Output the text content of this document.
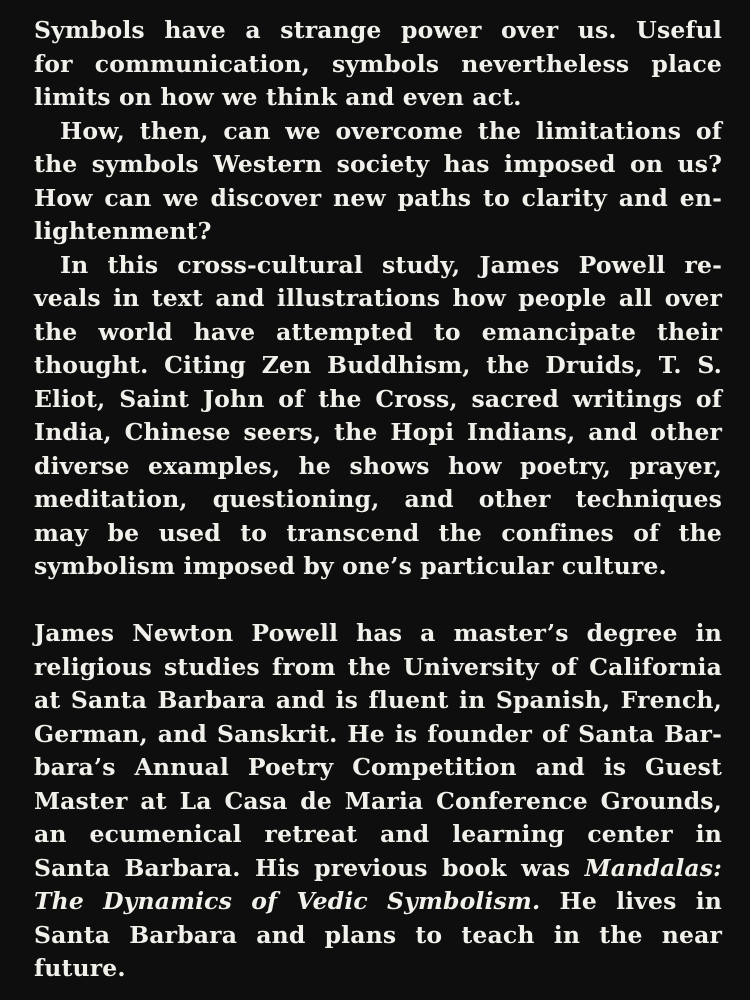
Symbols have a strange power over us. Useful
for communication, symbols nevertheless place
limits on how we think and even act.
How, then, can we overcome the limitations of
the symbols Western society has imposed on us?
How can we discover new paths to clarity and en-
lightenment?
In this cross-cultural study, James Powell re-
veals in text and illustrations how people all over
the world have attempted to emancipate their
thought. Citing Zen Buddhism, the Druids, T. S.
Eliot, Saint John of the Cross, sacred writings of
India, Chinese seers, the Hopi Indians, and other
diverse examples, he shows how poetry, prayer,
meditation, questioning, and other techniques
may be used to transcend the confines of the
symbolism imposed by one’s particular culture.
James Newton Powell has a master’s degree in
religious studies from the University of California
at Santa Barbara and is fluent in Spanish, French,
German, and Sanskrit. He is founder of Santa Bar-
bara’s Annual Poetry Competition and is Guest
Master at La Casa de Maria Conference Grounds,
an ecumenical retreat and learning center in
Santa Barbara. His previous book was Mandalas:
The Dynamics of Vedic Symbolism. He lives in
Santa Barbara and plans to teach in the near
future.
